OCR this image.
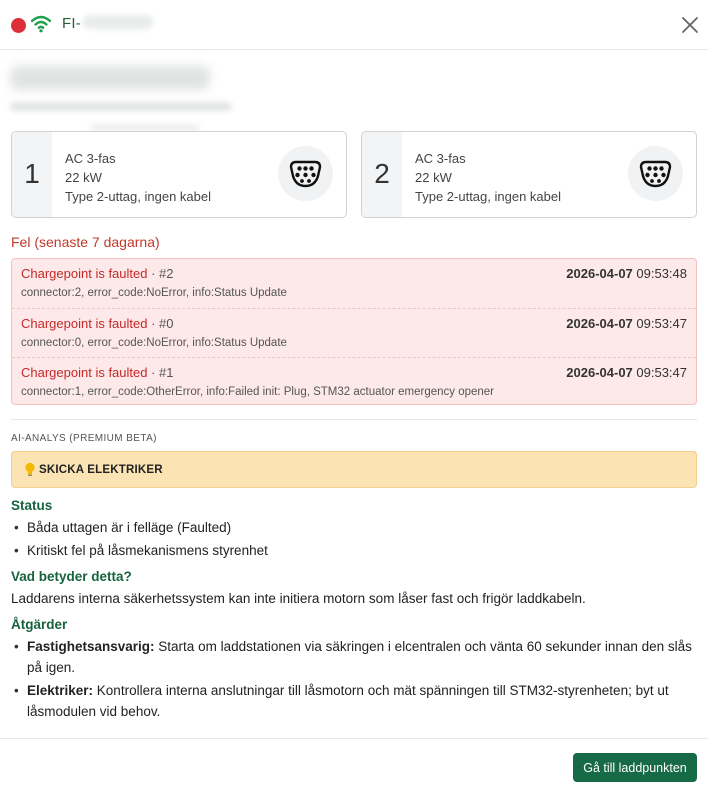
FI-
1	AC 3-fas
22 kW
Type 2-uttag, ingen kabel
2	AC 3-fas
22 kW
Type 2-uttag, ingen kabel
Fel (senaste 7 dagarna)
Chargepoint is faulted · #2	2026-04-07 09:53:48
connector:2, error_code:NoError, info:Status Update
Chargepoint is faulted · #0	2026-04-07 09:53:47
connector:0, error_code:NoError, info:Status Update
Chargepoint is faulted · #1	2026-04-07 09:53:47
connector:1, error_code:OtherError, info:Failed init: Plug, STM32 actuator emergency opener
AI-ANALYS (PREMIUM BETA)
SKICKA ELEKTRIKER
Status
• Båda uttagen är i felläge (Faulted)
• Kritiskt fel på låsmekanismens styrenhet
Vad betyder detta?
Laddarens interna säkerhetssystem kan inte initiera motorn som låser fast och frigör laddkabeln.
Åtgärder
• Fastighetsansvarig: Starta om laddstationen via säkringen i elcentralen och vänta 60 sekunder innan den slås på igen.
• Elektriker: Kontrollera interna anslutningar till låsmotorn och mät spänningen till STM32-styrenheten; byt ut låsmodulen vid behov.
Gå till laddpunkten
